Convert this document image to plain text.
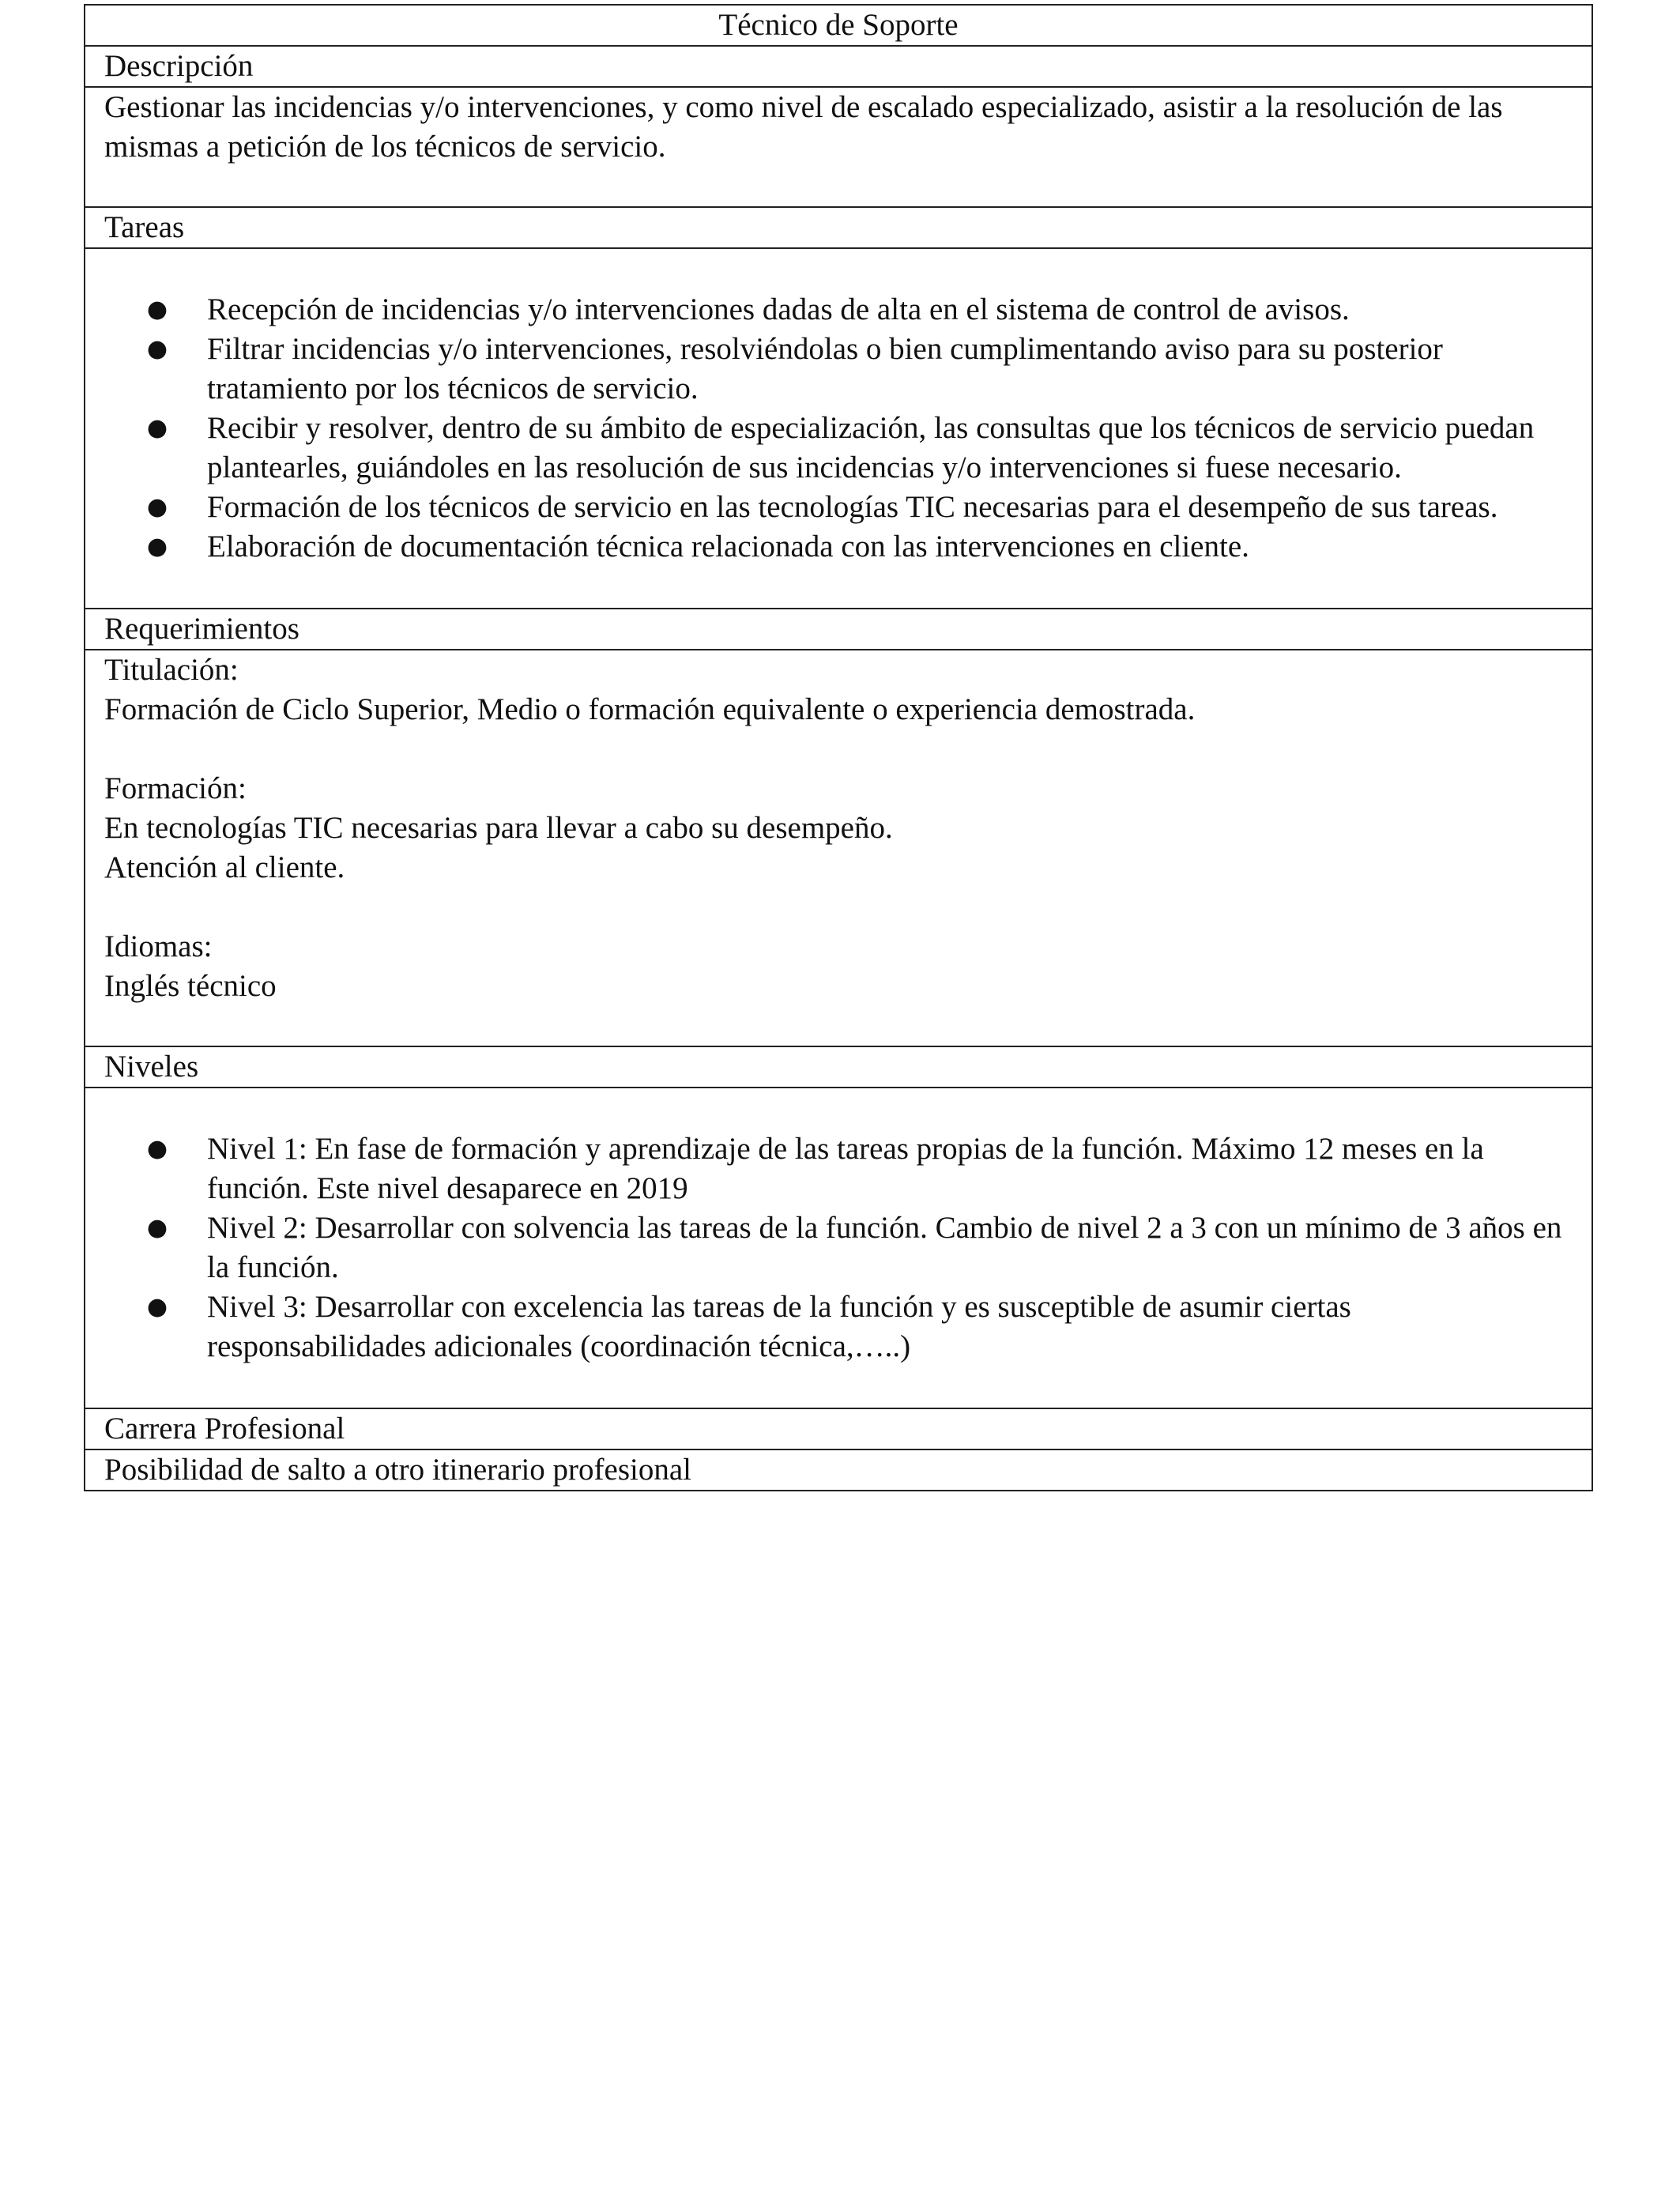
Técnico de Soporte
Descripción
Gestionar las incidencias y/o intervenciones, y como nivel de escalado especializado, asistir a la resolución de las mismas a petición de los técnicos de servicio.
Tareas

● Recepción de incidencias y/o intervenciones dadas de alta en el sistema de control de avisos.
● Filtrar incidencias y/o intervenciones, resolviéndolas o bien cumplimentando aviso para su posterior tratamiento por los técnicos de servicio.
● Recibir y resolver, dentro de su ámbito de especialización, las consultas que los técnicos de servicio puedan plantearles, guiándoles en las resolución de sus incidencias y/o intervenciones si fuese necesario.
● Formación de los técnicos de servicio en las tecnologías TIC necesarias para el desempeño de sus tareas.
● Elaboración de documentación técnica relacionada con las intervenciones en cliente.

Requerimientos

Titulación:
Formación de Ciclo Superior, Medio o formación equivalente o experiencia demostrada.
Formación:
En tecnologías TIC necesarias para llevar a cabo su desempeño.
Atención al cliente.
Idiomas:
Inglés técnico

Niveles

● Nivel 1: En fase de formación y aprendizaje de las tareas propias de la función. Máximo 12 meses en la función. Este nivel desaparece en 2019
● Nivel 2: Desarrollar con solvencia las tareas de la función. Cambio de nivel 2 a 3 con un mínimo de 3 años en la función.
● Nivel 3: Desarrollar con excelencia las tareas de la función y es susceptible de asumir ciertas responsabilidades adicionales (coordinación técnica,…..)

Carrera Profesional
Posibilidad de salto a otro itinerario profesional
